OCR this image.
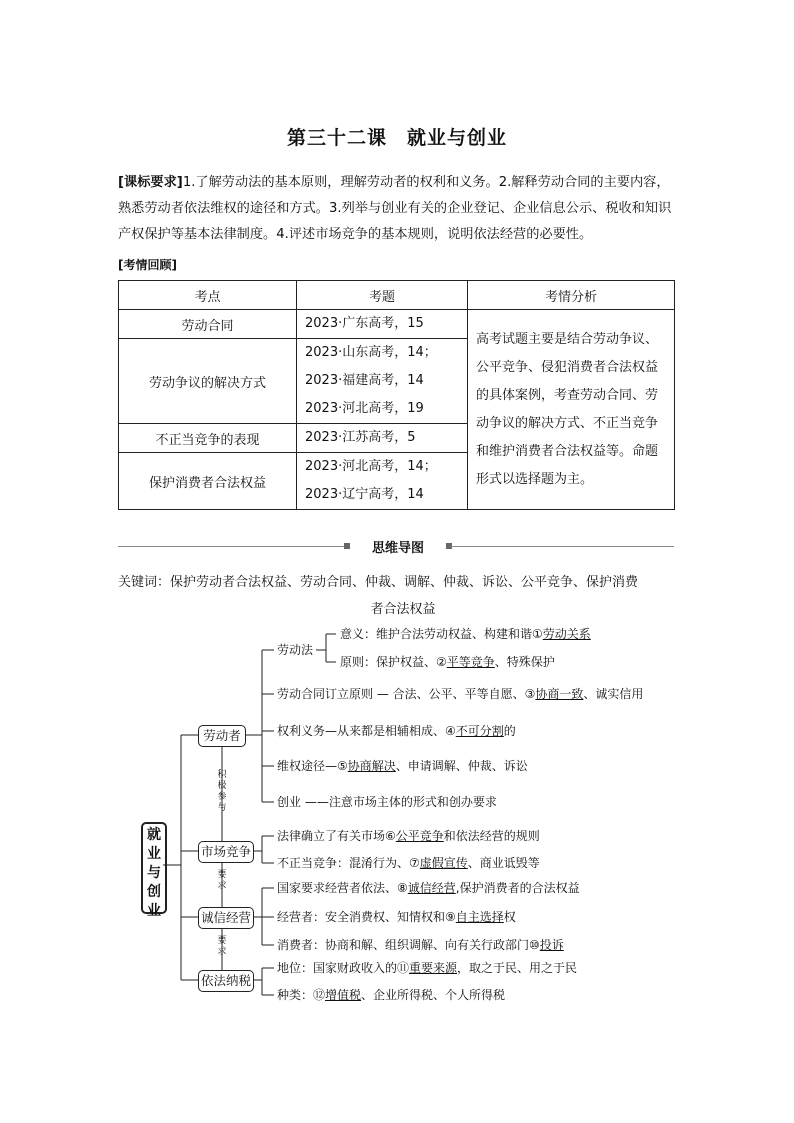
第三十二课　就业与创业
[课标要求]1.了解劳动法的基本原则，理解劳动者的权利和义务。2.解释劳动合同的主要内容，熟悉劳动者依法维权的途径和方式。3.列举与创业有关的企业登记、企业信息公示、税收和知识产权保护等基本法律制度。4.评述市场竞争的基本规则，说明依法经营的必要性。
[考情回顾]
考点	考题	考情分析
劳动合同	2023·广东高考，15	高考试题主要是结合劳动争议、公平竞争、侵犯消费者合法权益的具体案例，考查劳动合同、劳动争议的解决方式、不正当竞争和维护消费者合法权益等。命题形式以选择题为主。
劳动争议的解决方式	2023·山东高考，14；
2023·福建高考，14
2023·河北高考，19	

不正当竞争的表现	2023·江苏高考，5	

保护消费者合法权益	2023·河北高考，14；
2023·辽宁高考，14	
思维导图
关键词：保护劳动者合法权益、劳动合同、仲裁、调解、仲裁、诉讼、公平竞争、保护消费
者合法权益
就
业
与
创
业
劳动者
市场竞争
诚信经营
依法纳税
积
极
参
与
要
求
要
求
劳动法
意义：维护合法劳动权益、构建和谐①劳动关系
原则：保护权益、②平等竞争、特殊保护
劳动合同订立原则 — 合法、公平、平等自愿、③协商一致、诚实信用
权利义务—从来都是相辅相成、④不可分割的
维权途径—⑤协商解决、申请调解、仲裁、诉讼
创业 ——注意市场主体的形式和创办要求
法律确立了有关市场⑥公平竞争和依法经营的规则
不正当竞争：混淆行为、⑦虚假宣传、商业诋毁等
国家要求经营者依法、⑧诚信经营,保护消费者的合法权益
经营者：安全消费权、知情权和⑨自主选择权
消费者：协商和解、组织调解、向有关行政部门⑩投诉
地位：国家财政收入的⑪重要来源，取之于民、用之于民
种类：⑫增值税、企业所得税、个人所得税
